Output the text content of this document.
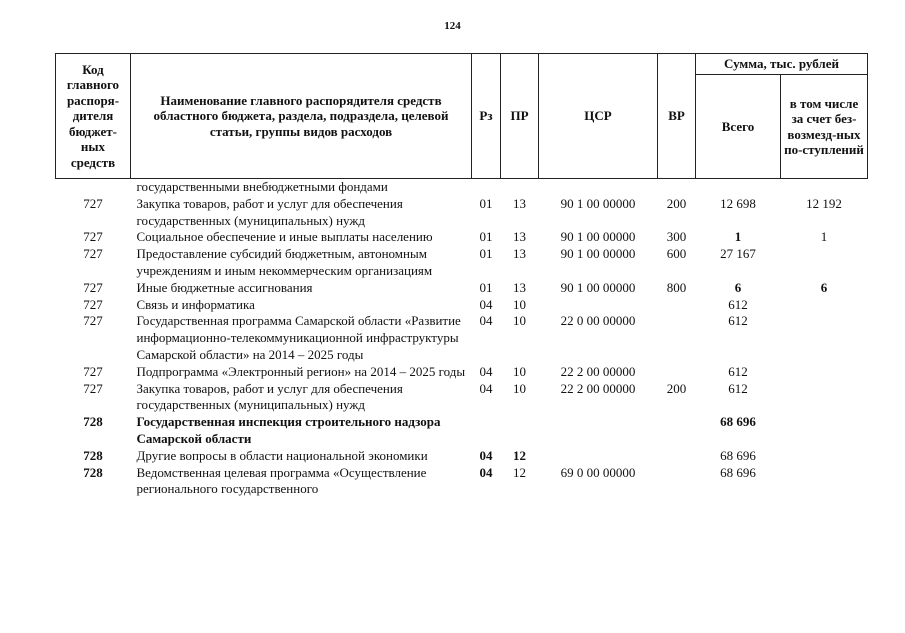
124
Код главного распоря-дителя бюджет-ных средств	Наименование главного распорядителя средств областного бюджета, раздела, подраздела, целевой статьи, группы видов расходов	Рз	ПР	ЦСР	ВР	Сумма, тыс. рублей	
						Всего	в том числе за счет без-возмезд-ных по-ступлений
	государственными внебюджетными фондами						
727	Закупка товаров, работ и услуг для обеспечения государственных (муниципальных) нужд	01	13	90 1 00 00000	200	12 698	12 192
727	Социальное обеспечение и иные выплаты населению	01	13	90 1 00 00000	300	1	1
727	Предоставление субсидий бюджетным, автономным учреждениям и иным некоммерческим организациям	01	13	90 1 00 00000	600	27 167	
727	Иные бюджетные ассигнования	01	13	90 1 00 00000	800	6	6
727	Связь и информатика	04	10			612	
727	Государственная программа Самарской области «Развитие информационно-телекоммуникационной инфраструктуры Самарской области» на 2014 – 2025 годы	04	10	22 0 00 00000		612	
727	Подпрограмма «Электронный регион» на 2014 – 2025 годы	04	10	22 2 00 00000		612	
727	Закупка товаров, работ и услуг для обеспечения государственных (муниципальных) нужд	04	10	22 2 00 00000	200	612	
728	Государственная инспекция строительного надзора Самарской области					68 696	
728	Другие вопросы в области национальной экономики	04	12			68 696	
728	Ведомственная целевая программа «Осуществление регионального государственного	04	12	69 0 00 00000		68 696	
